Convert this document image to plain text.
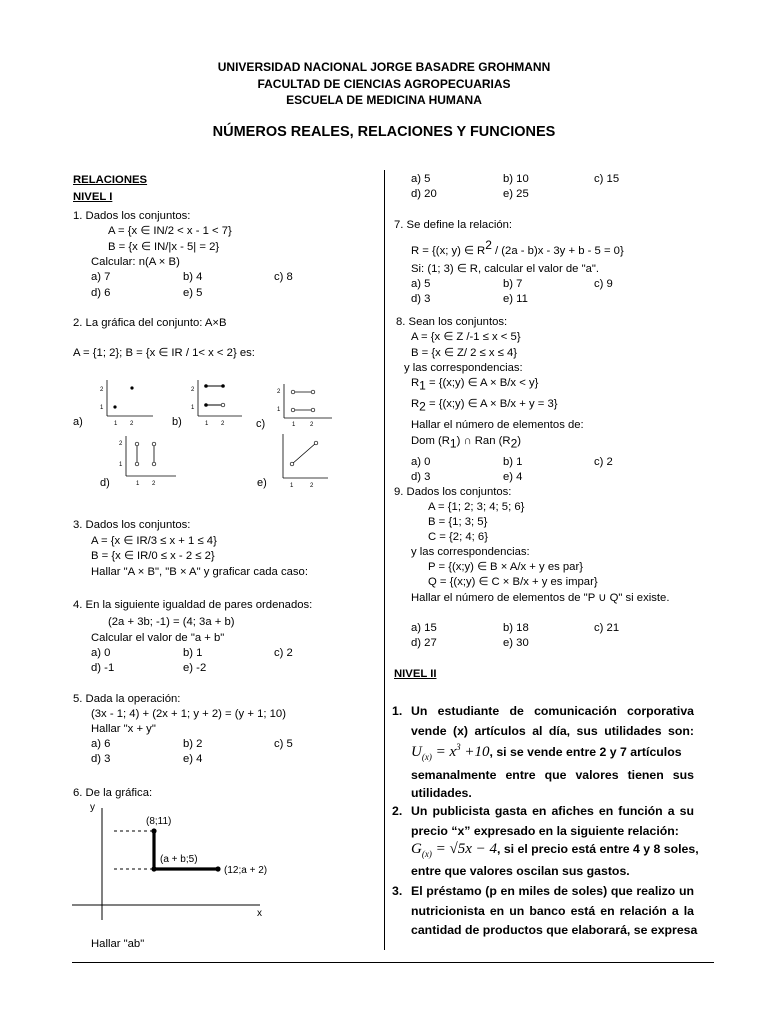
UNIVERSIDAD NACIONAL JORGE BASADRE GROHMANN
FACULTAD DE CIENCIAS AGROPECUARIAS
ESCUELA DE MEDICINA HUMANA
NÚMEROS REALES, RELACIONES Y FUNCIONES
RELACIONES
NIVEL I
1. Dados los conjuntos:
A = {x ∈ IN/2 < x - 1 < 7}
B = {x ∈ IN/|x - 5| = 2}
Calcular: n(A × B)
a) 7	b) 4	c) 8
d) 6	e) 5
2. La gráfica del conjunto: A×B
A = {1; 2}; B = {x ∈ IR / 1< x < 2} es:
2
1
1 2
a)
2
1
1 2
b)
2
1
1 2
c)
2
1
1 2
d)	1	2
e)
3. Dados los conjuntos:
A = {x ∈ IR/3 ≤ x + 1 ≤ 4}
B = {x ∈ IR/0 ≤ x - 2 ≤ 2}
Hallar "A × B", "B × A" y graficar cada caso:
4. En la siguiente igualdad de pares ordenados:
(2a + 3b; -1) = (4; 3a + b)
Calcular el valor de "a + b"
a) 0	b) 1	c) 2
d) -1	e) -2
5. Dada la operación:
(3x - 1; 4) + (2x + 1; y + 2) = (y + 1; 10)
Hallar "x + y"
a) 6	b) 2	c) 5
d) 3	e) 4
6. De la gráfica:
y
x
(8;11)
(a + b;5)
(12;a + 2)
Hallar "ab"
a) 5	b) 10	c) 15
d) 20	e) 25
7. Se define la relación:
R = {(x; y) ∈ $R^2 / (2a - b)x - 3y + b - 5 = 0$}
Si: (1; 3) ∈ R, calcular el valor de "a".
a) 5	b) 7	c) 9
d) 3	e) 11
8. Sean los conjuntos:
A = {x ∈ Z /-1 ≤ x < 5}
B = {x ∈ Z/ 2 ≤ x ≤ 4}
y las correspondencias:
$R_1$ = {(x;y) ∈ A × B/x < y}
$R_2$ = {(x;y) ∈ A × B/x + y = 3}
Hallar el número de elementos de:
Dom $(R_1)$ ∩ Ran $(R_2)$
a) 0	b) 1	c) 2
d) 3	e) 4
9. Dados los conjuntos:
A = {1; 2; 3; 4; 5; 6}
B = {1; 3; 5}
C = {2; 4; 6}
y las correspondencias:
P = {(x;y) ∈ B × A/x + y es par}
Q = {(x;y) ∈ C × B/x + y es impar}
Hallar el número de elementos de "P ∪ Q" si existe.
a) 15	b) 18	c) 21
d) 27	e) 30
NIVEL II
1. Un estudiante de comunicación corporativa
vende (x) artículos al día, sus utilidades son:
$U_{(x)} = x^3 +10$, si se vende entre 2 y 7 artículos
semanalmente entre que valores tienen sus
utilidades.
2. Un publicista gasta en afiches en función a su
precio “x” expresado en la siguiente relación:
$G_{(x)} = √5x - 4$, si el precio está entre 4 y 8 soles,
entre que valores oscilan sus gastos.
3. El préstamo (p en miles de soles) que realizo un
nutricionista en un banco está en relación a la
cantidad de productos que elaborará, se expresa
